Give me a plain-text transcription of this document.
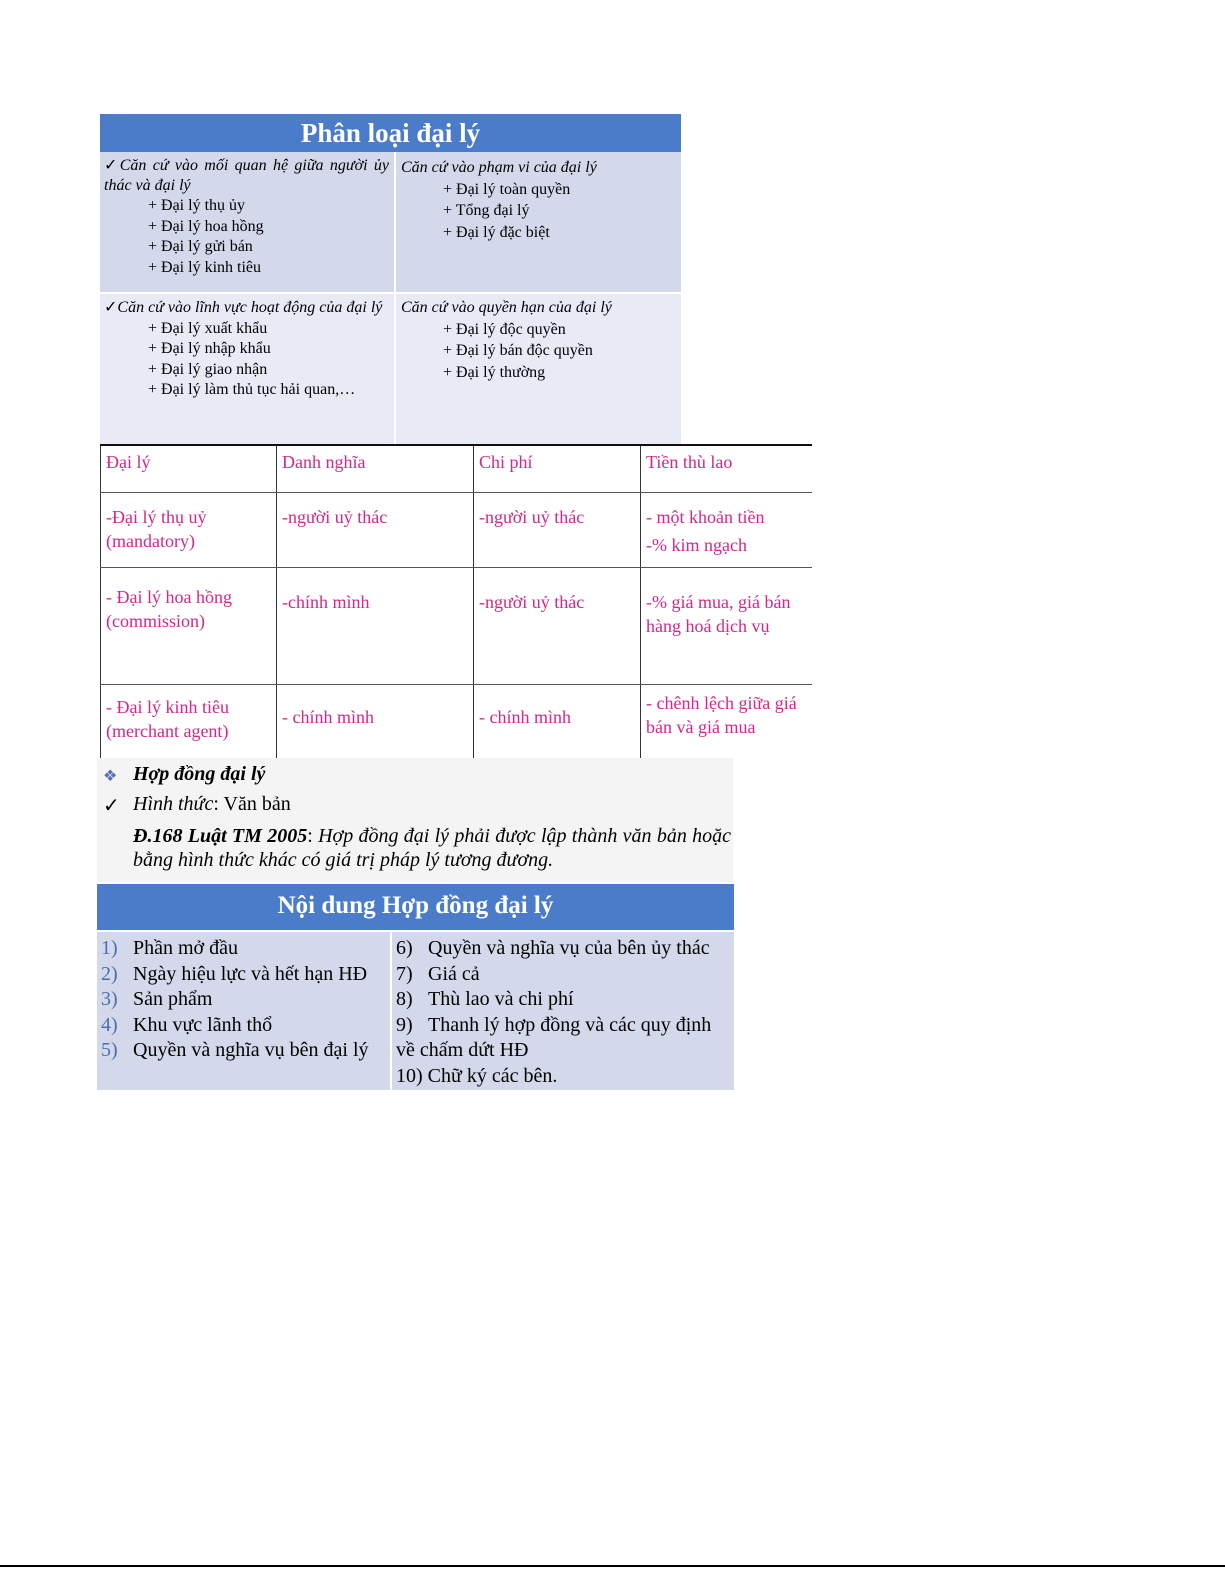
Phân loại đại lý
✓Căn cứ vào mối quan hệ giữa người ủy thác và đại lý
+ Đại lý thụ ủy
+ Đại lý hoa hồng
+ Đại lý gửi bán
+ Đại lý kinh tiêu
Căn cứ vào phạm vi của đại lý
+ Đại lý toàn quyền
+ Tổng đại lý
+ Đại lý đặc biệt
✓Căn cứ vào lĩnh vực hoạt động của đại lý
+ Đại lý xuất khẩu
+ Đại lý nhập khẩu
+ Đại lý giao nhận
+ Đại lý làm thủ tục hải quan,…
Căn cứ vào quyền hạn của đại lý
+ Đại lý độc quyền
+ Đại lý bán độc quyền
+ Đại lý thường
Đại lý	Danh nghĩa	Chi phí	Tiền thù lao
-Đại lý thụ uỷ (mandatory)	-người uỷ thác	-người uỷ thác	- một khoản tiền
-% kim ngạch

- Đại lý hoa hồng (commission)	-chính mình	-người uỷ thác	-% giá mua, giá bán hàng hoá dịch vụ
- Đại lý kinh tiêu (merchant agent)	- chính mình	- chính mình	- chênh lệch giữa giá bán và giá mua
❖ Hợp đồng đại lý
✓ Hình thức: Văn bản
Đ.168 Luật TM 2005: Hợp đồng đại lý phải được lập thành văn bản hoặc bằng hình thức khác có giá trị pháp lý tương đương.
Nội dung Hợp đồng đại lý
1) Phần mở đầu
2) Ngày hiệu lực và hết hạn HĐ
3) Sản phẩm
4) Khu vực lãnh thổ
5) Quyền và nghĩa vụ bên đại lý
6) Quyền và nghĩa vụ của bên ủy thác
7) Giá cả
8) Thù lao và chi phí
9) Thanh lý hợp đồng và các quy định
về chấm dứt HĐ
10) Chữ ký các bên.
